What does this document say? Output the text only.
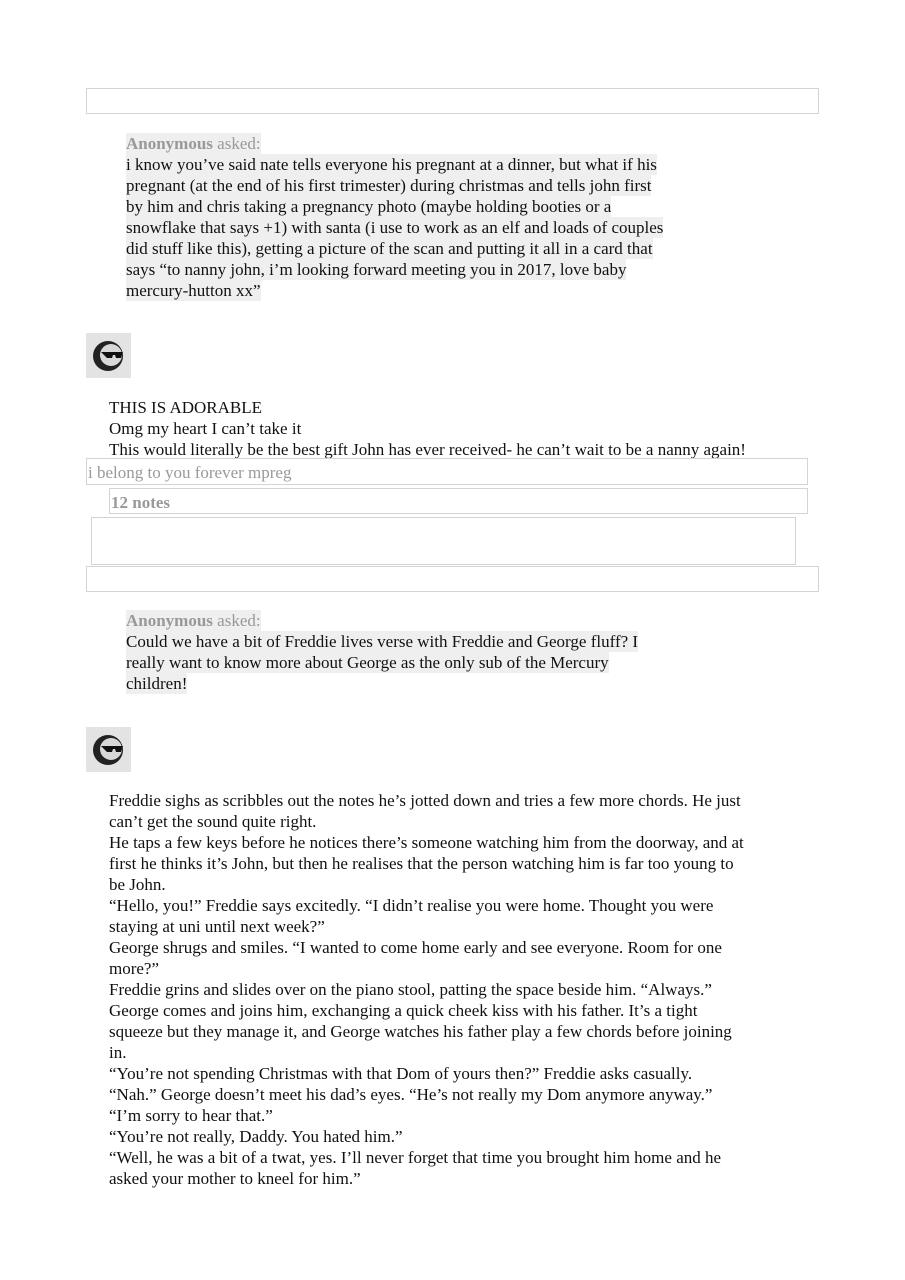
Anonymous asked:
i know you’ve said nate tells everyone his pregnant at a dinner, but what if his
pregnant (at the end of his first trimester) during christmas and tells john first
by him and chris taking a pregnancy photo (maybe holding booties or a
snowflake that says +1) with santa (i use to work as an elf and loads of couples
did stuff like this), getting a picture of the scan and putting it all in a card that
says “to nanny john, i’m looking forward meeting you in 2017, love baby
mercury-hutton xx”
THIS IS ADORABLE
Omg my heart I can’t take it
This would literally be the best gift John has ever received- he can’t wait to be a nanny again!
i belong to you forever mpreg
12 notes
Anonymous asked:
Could we have a bit of Freddie lives verse with Freddie and George fluff? I
really want to know more about George as the only sub of the Mercury
children!
Freddie sighs as scribbles out the notes he’s jotted down and tries a few more chords. He just
can’t get the sound quite right.
He taps a few keys before he notices there’s someone watching him from the doorway, and at
first he thinks it’s John, but then he realises that the person watching him is far too young to
be John.
“Hello, you!” Freddie says excitedly. “I didn’t realise you were home. Thought you were
staying at uni until next week?”
George shrugs and smiles. “I wanted to come home early and see everyone. Room for one
more?”
Freddie grins and slides over on the piano stool, patting the space beside him. “Always.”
George comes and joins him, exchanging a quick cheek kiss with his father. It’s a tight
squeeze but they manage it, and George watches his father play a few chords before joining
in.
“You’re not spending Christmas with that Dom of yours then?” Freddie asks casually.
“Nah.” George doesn’t meet his dad’s eyes. “He’s not really my Dom anymore anyway.”
“I’m sorry to hear that.”
“You’re not really, Daddy. You hated him.”
“Well, he was a bit of a twat, yes. I’ll never forget that time you brought him home and he
asked your mother to kneel for him.”
